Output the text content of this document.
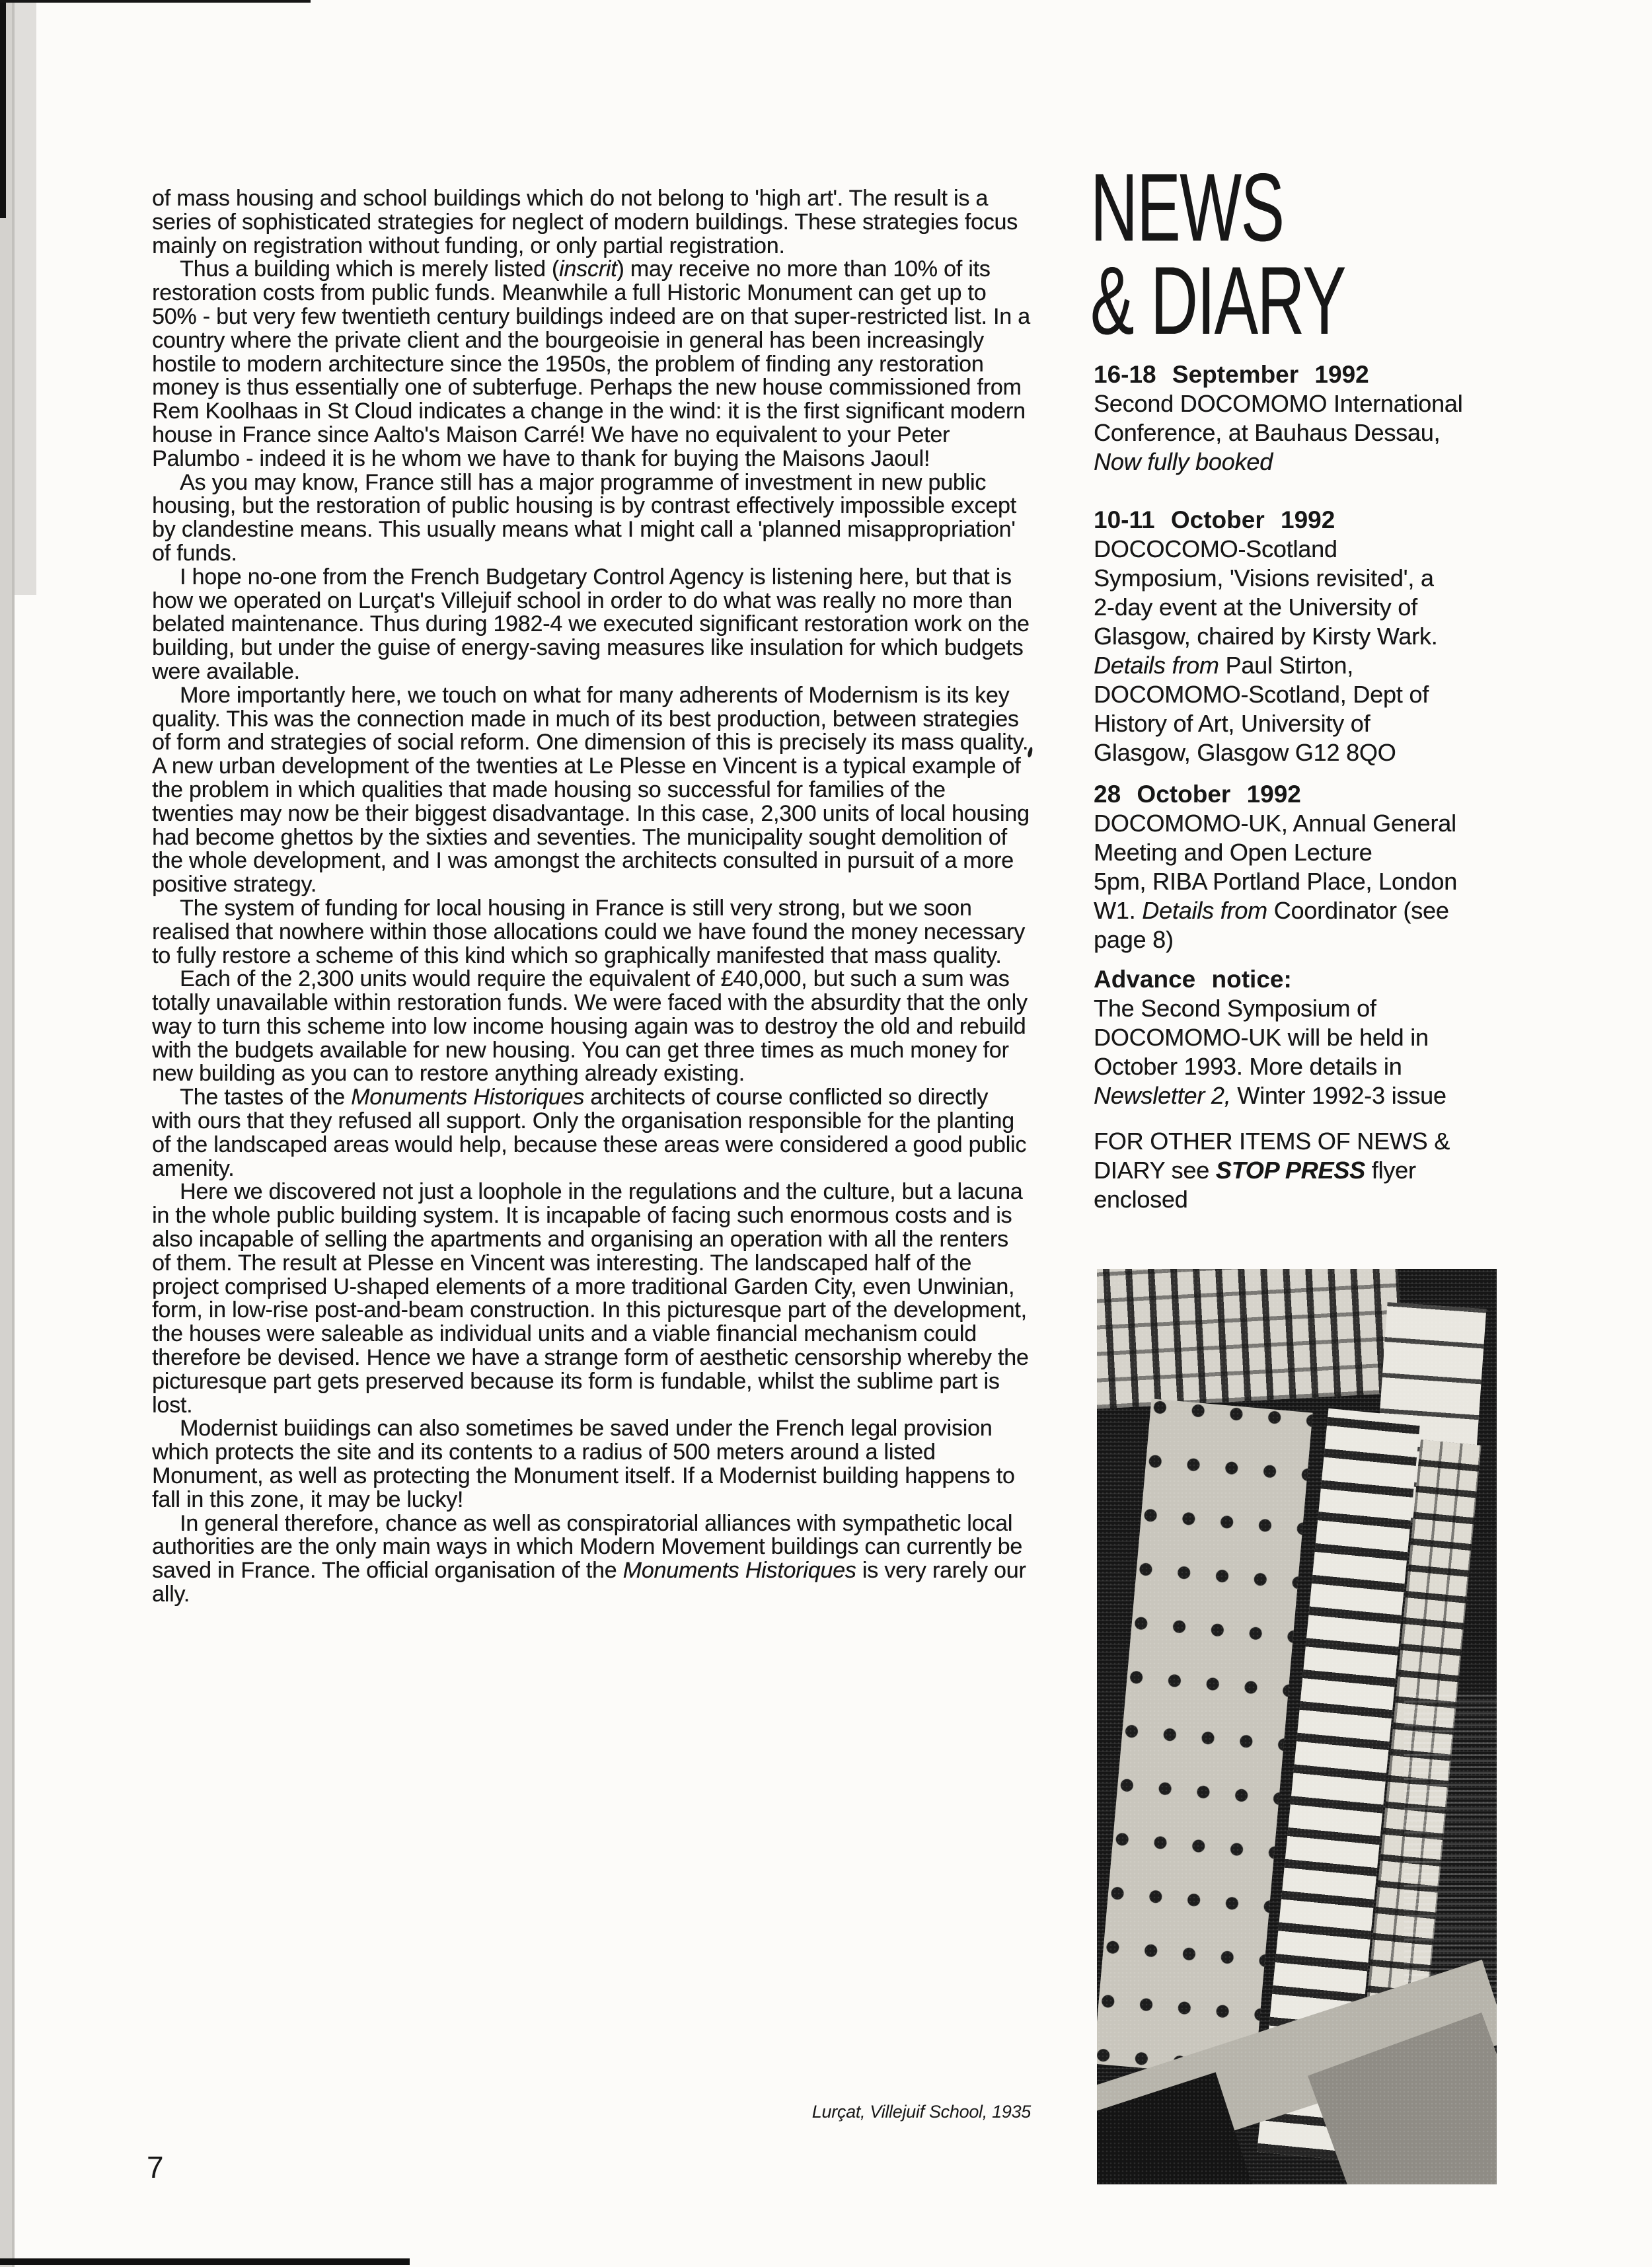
of mass housing and school buildings which do not belong to 'high art'. The result is a series of sophisticated strategies for neglect of modern buildings. These strategies focus mainly on registration without funding, or only partial registration.

Thus a building which is merely listed (inscrit) may receive no more than 10% of its restoration costs from public funds. Meanwhile a full Historic Monument can get up to 50% - but very few twentieth century buildings indeed are on that super-restricted list. In a country where the private client and the bourgeoisie in general has been increasingly hostile to modern architecture since the 1950s, the problem of finding any restoration money is thus essentially one of subterfuge. Perhaps the new house commissioned from Rem Koolhaas in St Cloud indicates a change in the wind: it is the first significant modern house in France since Aalto's Maison Carré! We have no equivalent to your Peter Palumbo - indeed it is he whom we have to thank for buying the Maisons Jaoul!

As you may know, France still has a major programme of investment in new public housing, but the restoration of public housing is by contrast effectively impossible except by clandestine means. This usually means what I might call a 'planned misappropriation' of funds.

I hope no-one from the French Budgetary Control Agency is listening here, but that is how we operated on Lurçat's Villejuif school in order to do what was really no more than belated maintenance. Thus during 1982-4 we executed significant restoration work on the building, but under the guise of energy-saving measures like insulation for which budgets were available.

More importantly here, we touch on what for many adherents of Modernism is its key quality. This was the connection made in much of its best production, between strategies of form and strategies of social reform. One dimension of this is precisely its mass quality. A new urban development of the twenties at Le Plesse en Vincent is a typical example of the problem in which qualities that made housing so successful for families of the twenties may now be their biggest disadvantage. In this case, 2,300 units of local housing had become ghettos by the sixties and seventies. The municipality sought demolition of the whole development, and I was amongst the architects consulted in pursuit of a more positive strategy.

The system of funding for local housing in France is still very strong, but we soon realised that nowhere within those allocations could we have found the money necessary to fully restore a scheme of this kind which so graphically manifested that mass quality.

Each of the 2,300 units would require the equivalent of £40,000, but such a sum was totally unavailable within restoration funds. We were faced with the absurdity that the only way to turn this scheme into low income housing again was to destroy the old and rebuild with the budgets available for new housing. You can get three times as much money for new building as you can to restore anything already existing.

The tastes of the Monuments Historiques architects of course conflicted so directly with ours that they refused all support. Only the organisation responsible for the planting of the landscaped areas would help, because these areas were considered a good public amenity.

Here we discovered not just a loophole in the regulations and the culture, but a lacuna in the whole public building system. It is incapable of facing such enormous costs and is also incapable of selling the apartments and organising an operation with all the renters of them. The result at Plesse en Vincent was interesting. The landscaped half of the project comprised U-shaped elements of a more traditional Garden City, even Unwinian, form, in low-rise post-and-beam construction. In this picturesque part of the development, the houses were saleable as individual units and a viable financial mechanism could therefore be devised. Hence we have a strange form of aesthetic censorship whereby the picturesque part gets preserved because its form is fundable, whilst the sublime part is lost.

Modernist buiidings can also sometimes be saved under the French legal provision which protects the site and its contents to a radius of 500 meters around a listed Monument, as well as protecting the Monument itself. If a Modernist building happens to fall in this zone, it may be lucky!

In general therefore, chance as well as conspiratorial alliances with sympathetic local authorities are the only main ways in which Modern Movement buildings can currently be saved in France. The official organisation of the Monuments Historiques is very rarely our ally.

NEWS
& DIARY
16-18 September 1992
Second DOCOMOMO International
Conference, at Bauhaus Dessau,
Now fully booked
10-11 October 1992
DOCOCOMO-Scotland
Symposium, 'Visions revisited', a
2-day event at the University of
Glasgow, chaired by Kirsty Wark.
Details from Paul Stirton,
DOCOMOMO-Scotland, Dept of
History of Art, University of
Glasgow, Glasgow G12 8QO
28 October 1992
DOCOMOMO-UK, Annual General
Meeting and Open Lecture
5pm, RIBA Portland Place, London
W1. Details from Coordinator (see
page 8)
Advance notice:
The Second Symposium of
DOCOMOMO-UK will be held in
October 1993. More details in
Newsletter 2, Winter 1992-3 issue
FOR OTHER ITEMS OF NEWS &
DIARY see STOP PRESS flyer
enclosed
Lurçat, Villejuif School, 1935
7
